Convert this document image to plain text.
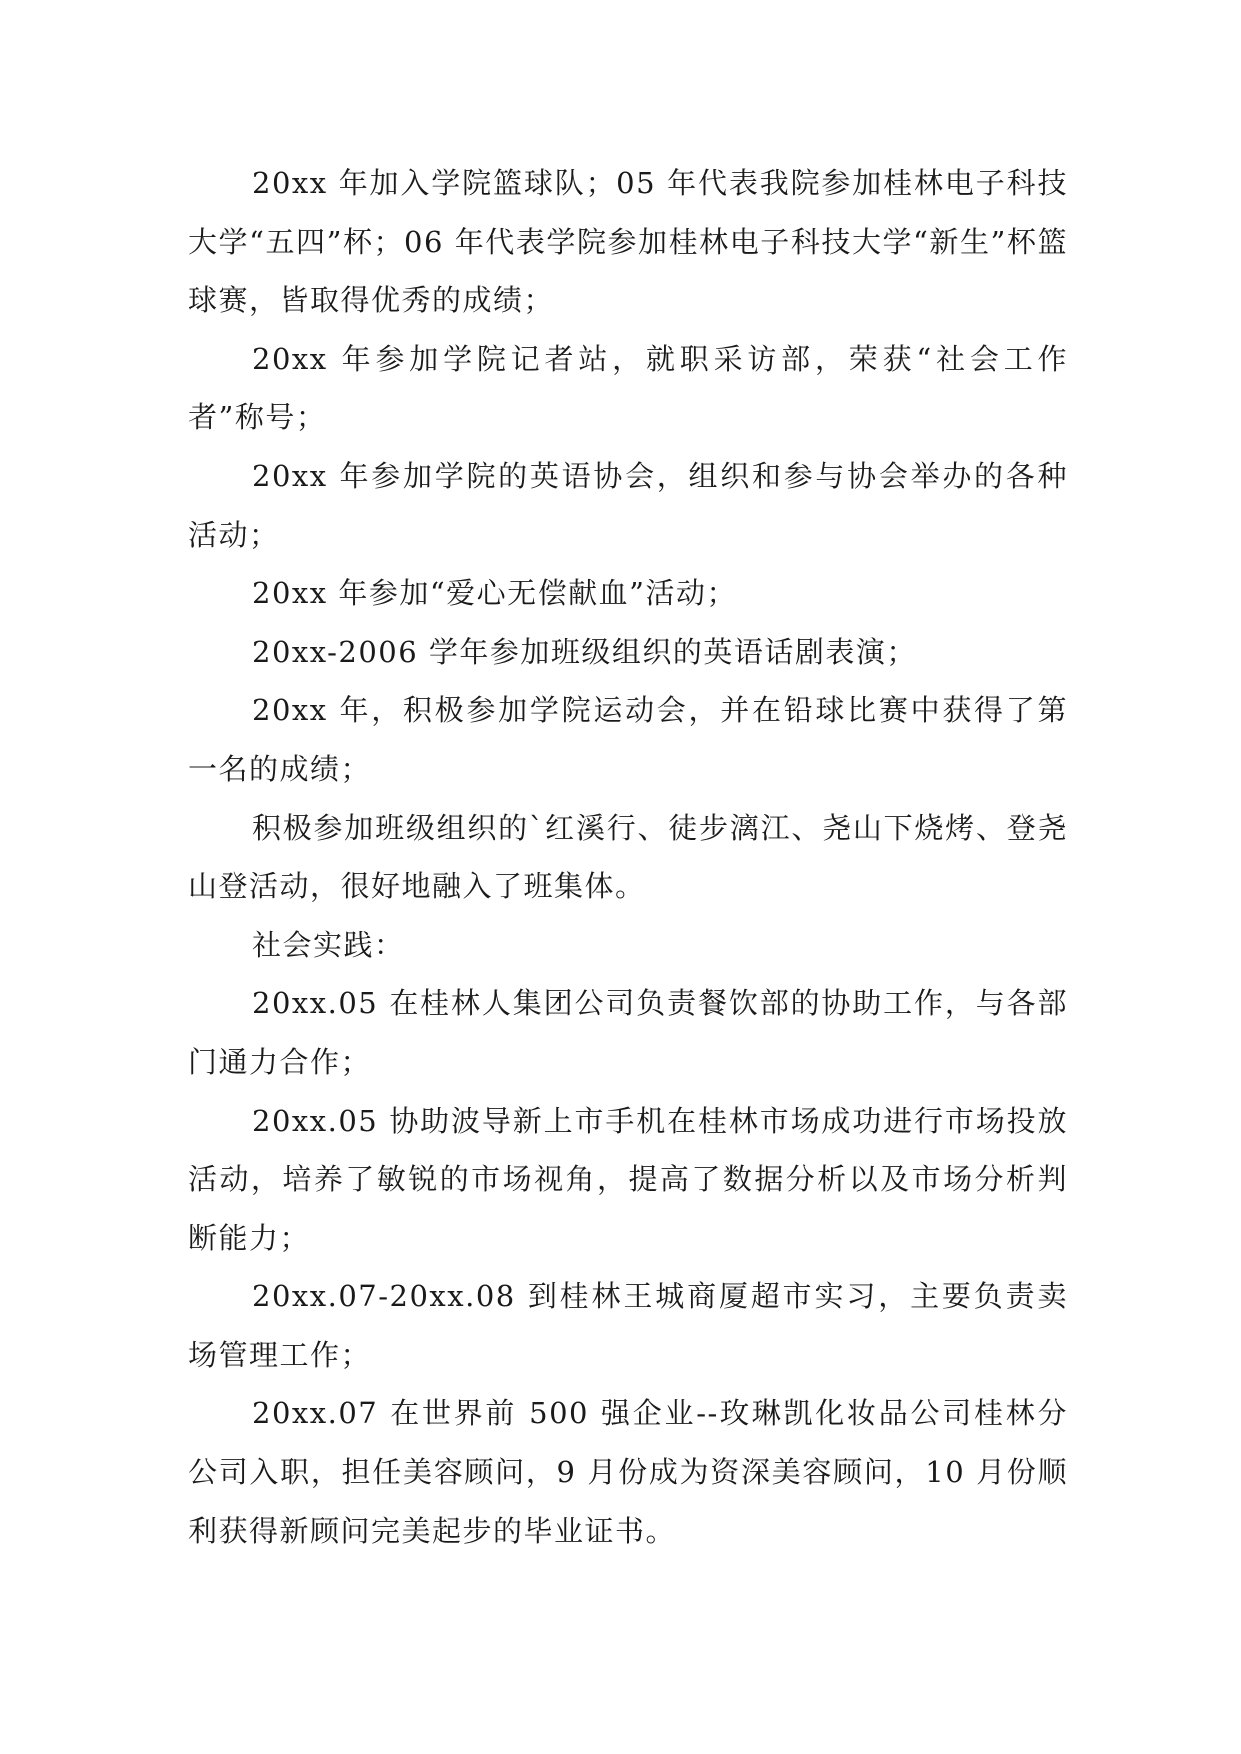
20xx 年加入学院篮球队；05 年代表我院参加桂林电子科技大学“五四”杯；06 年代表学院参加桂林电子科技大学“新生”杯篮球赛，皆取得优秀的成绩；

20xx 年参加学院记者站，就职采访部，荣获“社会工作者”称号；

20xx 年参加学院的英语协会，组织和参与协会举办的各种活动；

20xx 年参加“爱心无偿献血”活动；

20xx-2006 学年参加班级组织的英语话剧表演；

20xx 年，积极参加学院运动会，并在铅球比赛中获得了第一名的成绩；

积极参加班级组织的`红溪行、徒步漓江、尧山下烧烤、登尧山登活动，很好地融入了班集体。

社会实践：

20xx.05 在桂林人集团公司负责餐饮部的协助工作，与各部门通力合作；

20xx.05 协助波导新上市手机在桂林市场成功进行市场投放活动，培养了敏锐的市场视角，提高了数据分析以及市场分析判断能力；

20xx.07-20xx.08 到桂林王城商厦超市实习，主要负责卖场管理工作；

20xx.07 在世界前 500 强企业--玫琳凯化妆品公司桂林分公司入职，担任美容顾问，9 月份成为资深美容顾问，10 月份顺利获得新顾问完美起步的毕业证书。
